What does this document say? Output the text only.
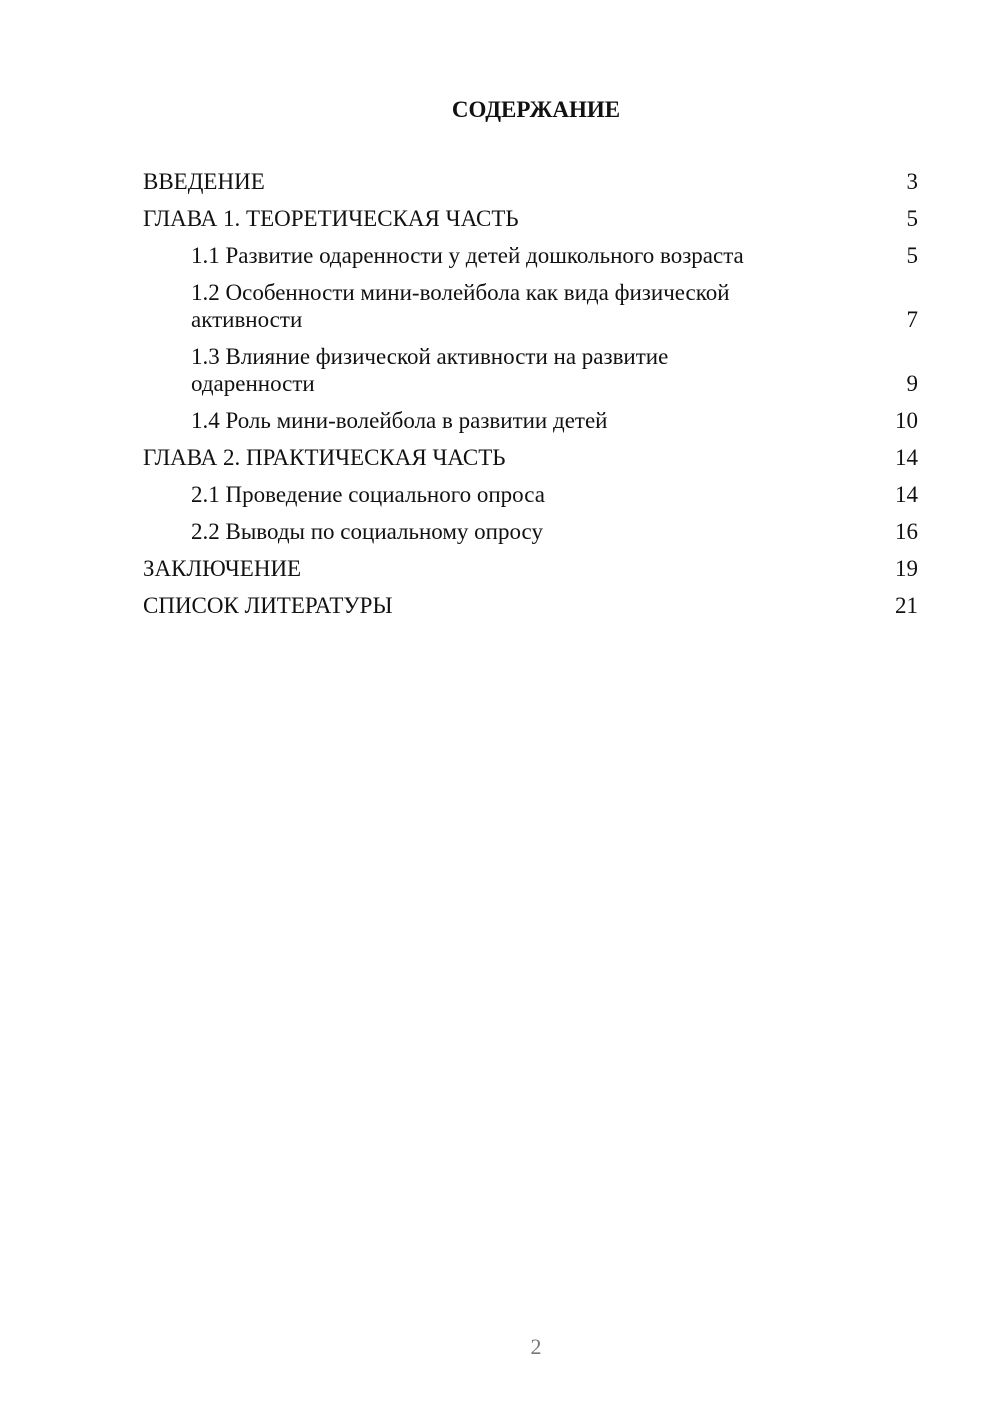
СОДЕРЖАНИЕ
ВВЕДЕНИЕ	3
ГЛАВА 1. ТЕОРЕТИЧЕСКАЯ ЧАСТЬ	5
1.1 Развитие одаренности у детей дошкольного возраста	5
1.2 Особенности мини-волейбола как вида физической активности	7
1.3 Влияние физической активности на развитие одаренности	9
1.4 Роль мини-волейбола в развитии детей	10
ГЛАВА 2. ПРАКТИЧЕСКАЯ ЧАСТЬ	14
2.1 Проведение социального опроса	14
2.2 Выводы по социальному опросу	16
ЗАКЛЮЧЕНИЕ	19
СПИСОК ЛИТЕРАТУРЫ	21
2
